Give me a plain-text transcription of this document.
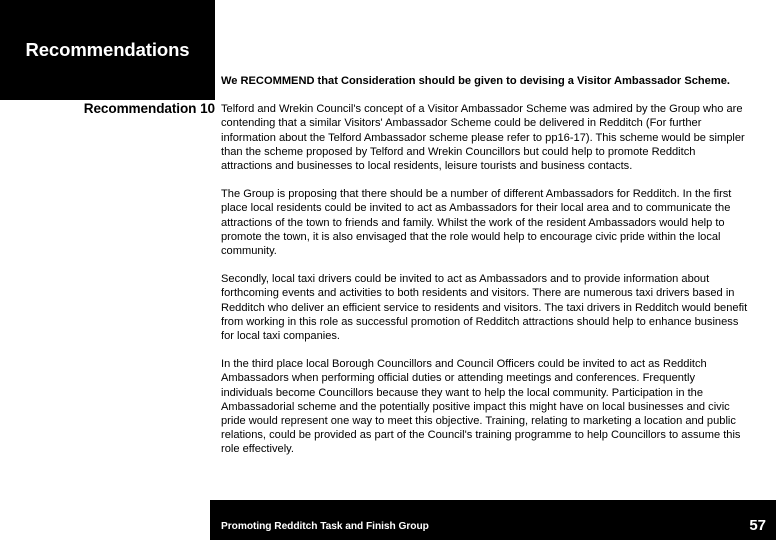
Recommendations
Recommendation 10

We RECOMMEND that Consideration should be given to devising a Visitor Ambassador Scheme.

Telford and Wrekin Council's concept of a Visitor Ambassador Scheme was admired by the Group who are contending that a similar Visitors' Ambassador Scheme could be delivered in Redditch (For further information about the Telford Ambassador scheme please refer to pp16-17). This scheme would be simpler than the scheme proposed by Telford and Wrekin Councillors but could help to promote Redditch attractions and businesses to local residents, leisure tourists and business contacts.

The Group is proposing that there should be a number of different Ambassadors for Redditch. In the first place local residents could be invited to act as Ambassadors for their local area and to communicate the attractions of the town to friends and family. Whilst the work of the resident Ambassadors would help to promote the town, it is also envisaged that the role would help to encourage civic pride within the local community.

Secondly, local taxi drivers could be invited to act as Ambassadors and to provide information about forthcoming events and activities to both residents and visitors. There are numerous taxi drivers based in Redditch who deliver an efficient service to residents and visitors. The taxi drivers in Redditch would benefit from working in this role as successful promotion of Redditch attractions should help to enhance business for local taxi companies.

In the third place local Borough Councillors and Council Officers could be invited to act as Redditch Ambassadors when performing official duties or attending meetings and conferences. Frequently individuals become Councillors because they want to help the local community. Participation in the Ambassadorial scheme and the potentially positive impact this might have on local businesses and civic pride would represent one way to meet this objective. Training, relating to marketing a location and public relations, could be provided as part of the Council's training programme to help Councillors to assume this role effectively.

Promoting Redditch Task and Finish Group	57
